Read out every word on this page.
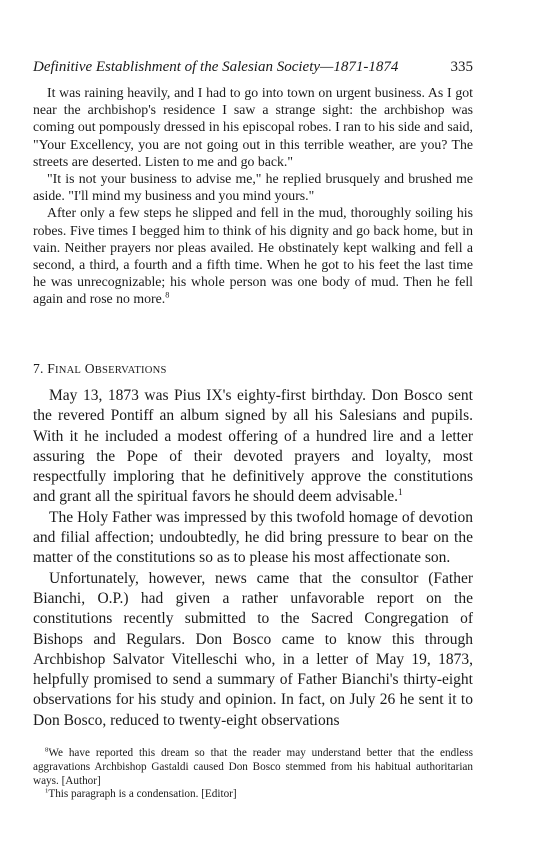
Definitive Establishment of the Salesian Society—1871-1874	335

It was raining heavily, and I had to go into town on urgent business. As I got near the archbishop's residence I saw a strange sight: the archbishop was coming out pompously dressed in his episcopal robes. I ran to his side and said, "Your Excellency, you are not going out in this terrible weather, are you? The streets are deserted. Listen to me and go back."

"It is not your business to advise me," he replied brusquely and brushed me aside. "I'll mind my business and you mind yours."

After only a few steps he slipped and fell in the mud, thoroughly soiling his robes. Five times I begged him to think of his dignity and go back home, but in vain. Neither prayers nor pleas availed. He obstinately kept walking and fell a second, a third, a fourth and a fifth time. When he got to his feet the last time he was unrecognizable; his whole person was one body of mud. Then he fell again and rose no more.$^8$

7. FINAL OBSERVATIONS

May 13, 1873 was Pius IX's eighty-first birthday. Don Bosco sent the revered Pontiff an album signed by all his Salesians and pupils. With it he included a modest offering of a hundred lire and a letter assuring the Pope of their devoted prayers and loyalty, most respectfully imploring that he definitively approve the constitutions and grant all the spiritual favors he should deem advisable.$^1$

The Holy Father was impressed by this twofold homage of devotion and filial affection; undoubtedly, he did bring pressure to bear on the matter of the constitutions so as to please his most affectionate son.

Unfortunately, however, news came that the consultor (Father Bianchi, O.P.) had given a rather unfavorable report on the constitutions recently submitted to the Sacred Congregation of Bishops and Regulars. Don Bosco came to know this through Archbishop Salvator Vitelleschi who, in a letter of May 19, 1873, helpfully promised to send a summary of Father Bianchi's thirty-eight observations for his study and opinion. In fact, on July 26 he sent it to Don Bosco, reduced to twenty-eight observations

$^8$We have reported this dream so that the reader may understand better that the endless aggravations Archbishop Gastaldi caused Don Bosco stemmed from his habitual authoritarian ways. [Author]

$^1$This paragraph is a condensation. [Editor]
